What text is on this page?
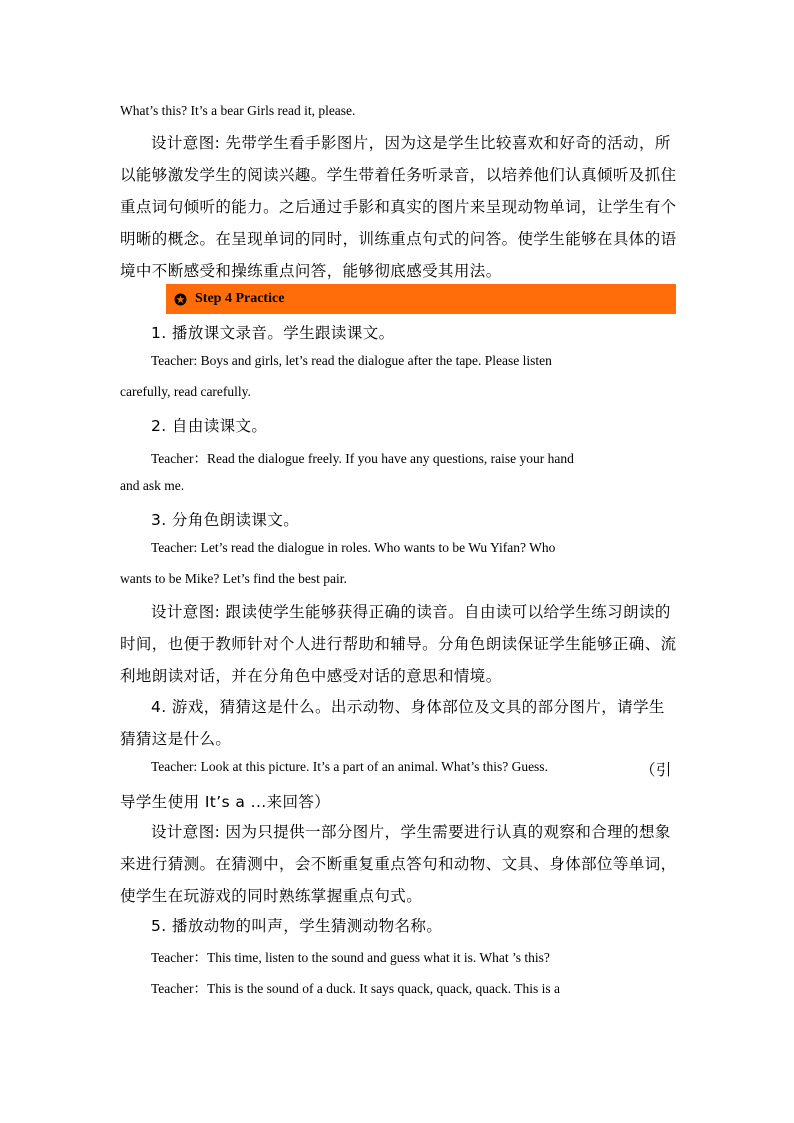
What’s this? It’s a bear Girls read it, please.
设计意图: 先带学生看手影图片，因为这是学生比较喜欢和好奇的活动，所
以能够激发学生的阅读兴趣。学生带着任务听录音，以培养他们认真倾听及抓住
重点词句倾听的能力。之后通过手影和真实的图片来呈现动物单词，让学生有个
明晰的概念。在呈现单词的同时，训练重点句式的问答。使学生能够在具体的语
境中不断感受和操练重点问答，能够彻底感受其用法。
Step 4 Practice
1. 播放课文录音。学生跟读课文。
Teacher: Boys and girls, let’s read the dialogue after the tape. Please listen
carefully, read carefully.
2. 自由读课文。
Teacher：Read the dialogue freely. If you have any questions, raise your hand
and ask me.
3. 分角色朗读课文。
Teacher: Let’s read the dialogue in roles. Who wants to be Wu Yifan? Who
wants to be Mike? Let’s find the best pair.
设计意图: 跟读使学生能够获得正确的读音。自由读可以给学生练习朗读的
时间，也便于教师针对个人进行帮助和辅导。分角色朗读保证学生能够正确、流
利地朗读对话，并在分角色中感受对话的意思和情境。
4. 游戏，猜猜这是什么。出示动物、身体部位及文具的部分图片，请学生
猜猜这是什么。
Teacher: Look at this picture. It’s a part of an animal. What’s this? Guess.	（引
导学生使用 It’s a ...来回答）
设计意图: 因为只提供一部分图片，学生需要进行认真的观察和合理的想象
来进行猜测。在猜测中，会不断重复重点答句和动物、文具、身体部位等单词，
使学生在玩游戏的同时熟练掌握重点句式。
5. 播放动物的叫声，学生猜测动物名称。
Teacher：This time, listen to the sound and guess what it is. What ’s this?
Teacher：This is the sound of a duck. It says quack, quack, quack. This is a
